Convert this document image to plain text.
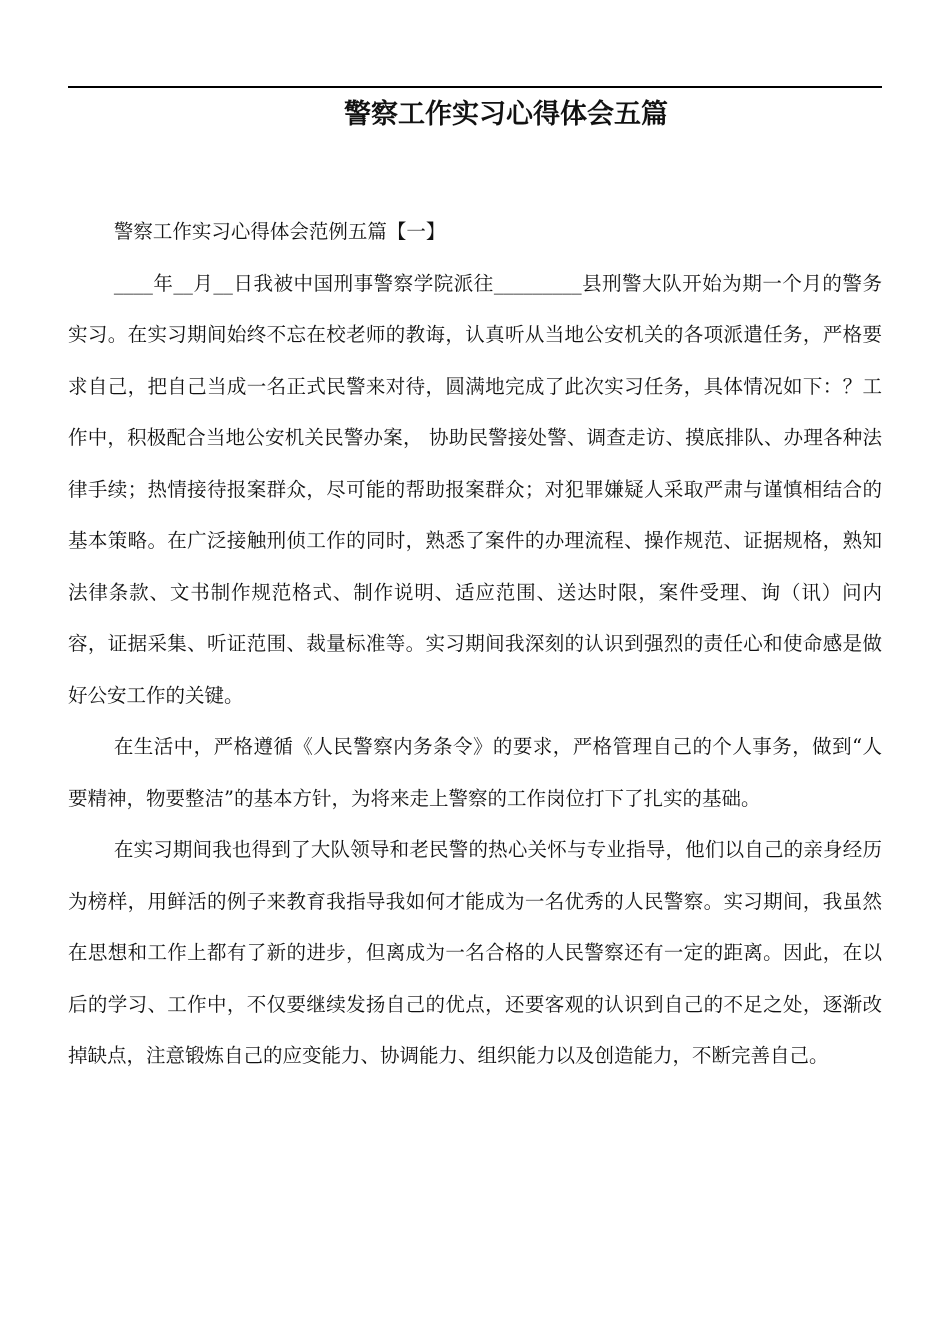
警察工作实习心得体会五篇

警察工作实习心得体会范例五篇【一】

____年__月__日我被中国刑事警察学院派往_________县刑警大队开始为期一个月的警务实习。在实习期间始终不忘在校老师的教诲，认真听从当地公安机关的各项派遣任务，严格要求自己，把自己当成一名正式民警来对待，圆满地完成了此次实习任务，具体情况如下：？工作中，积极配合当地公安机关民警办案， 协助民警接处警、调查走访、摸底排队、办理各种法律手续；热情接待报案群众，尽可能的帮助报案群众；对犯罪嫌疑人采取严肃与谨慎相结合的基本策略。在广泛接触刑侦工作的同时，熟悉了案件的办理流程、操作规范、证据规格，熟知法律条款、文书制作规范格式、制作说明、适应范围、送达时限，案件受理、询（讯）问内容，证据采集、听证范围、裁量标准等。实习期间我深刻的认识到强烈的责任心和使命感是做好公安工作的关键。

在生活中，严格遵循《人民警察内务条令》的要求，严格管理自己的个人事务，做到“人要精神，物要整洁”的基本方针，为将来走上警察的工作岗位打下了扎实的基础。

在实习期间我也得到了大队领导和老民警的热心关怀与专业指导，他们以自己的亲身经历为榜样，用鲜活的例子来教育我指导我如何才能成为一名优秀的人民警察。实习期间，我虽然在思想和工作上都有了新的进步，但离成为一名合格的人民警察还有一定的距离。因此，在以后的学习、工作中，不仅要继续发扬自己的优点，还要客观的认识到自己的不足之处，逐渐改掉缺点，注意锻炼自己的应变能力、协调能力、组织能力以及创造能力，不断完善自己。
